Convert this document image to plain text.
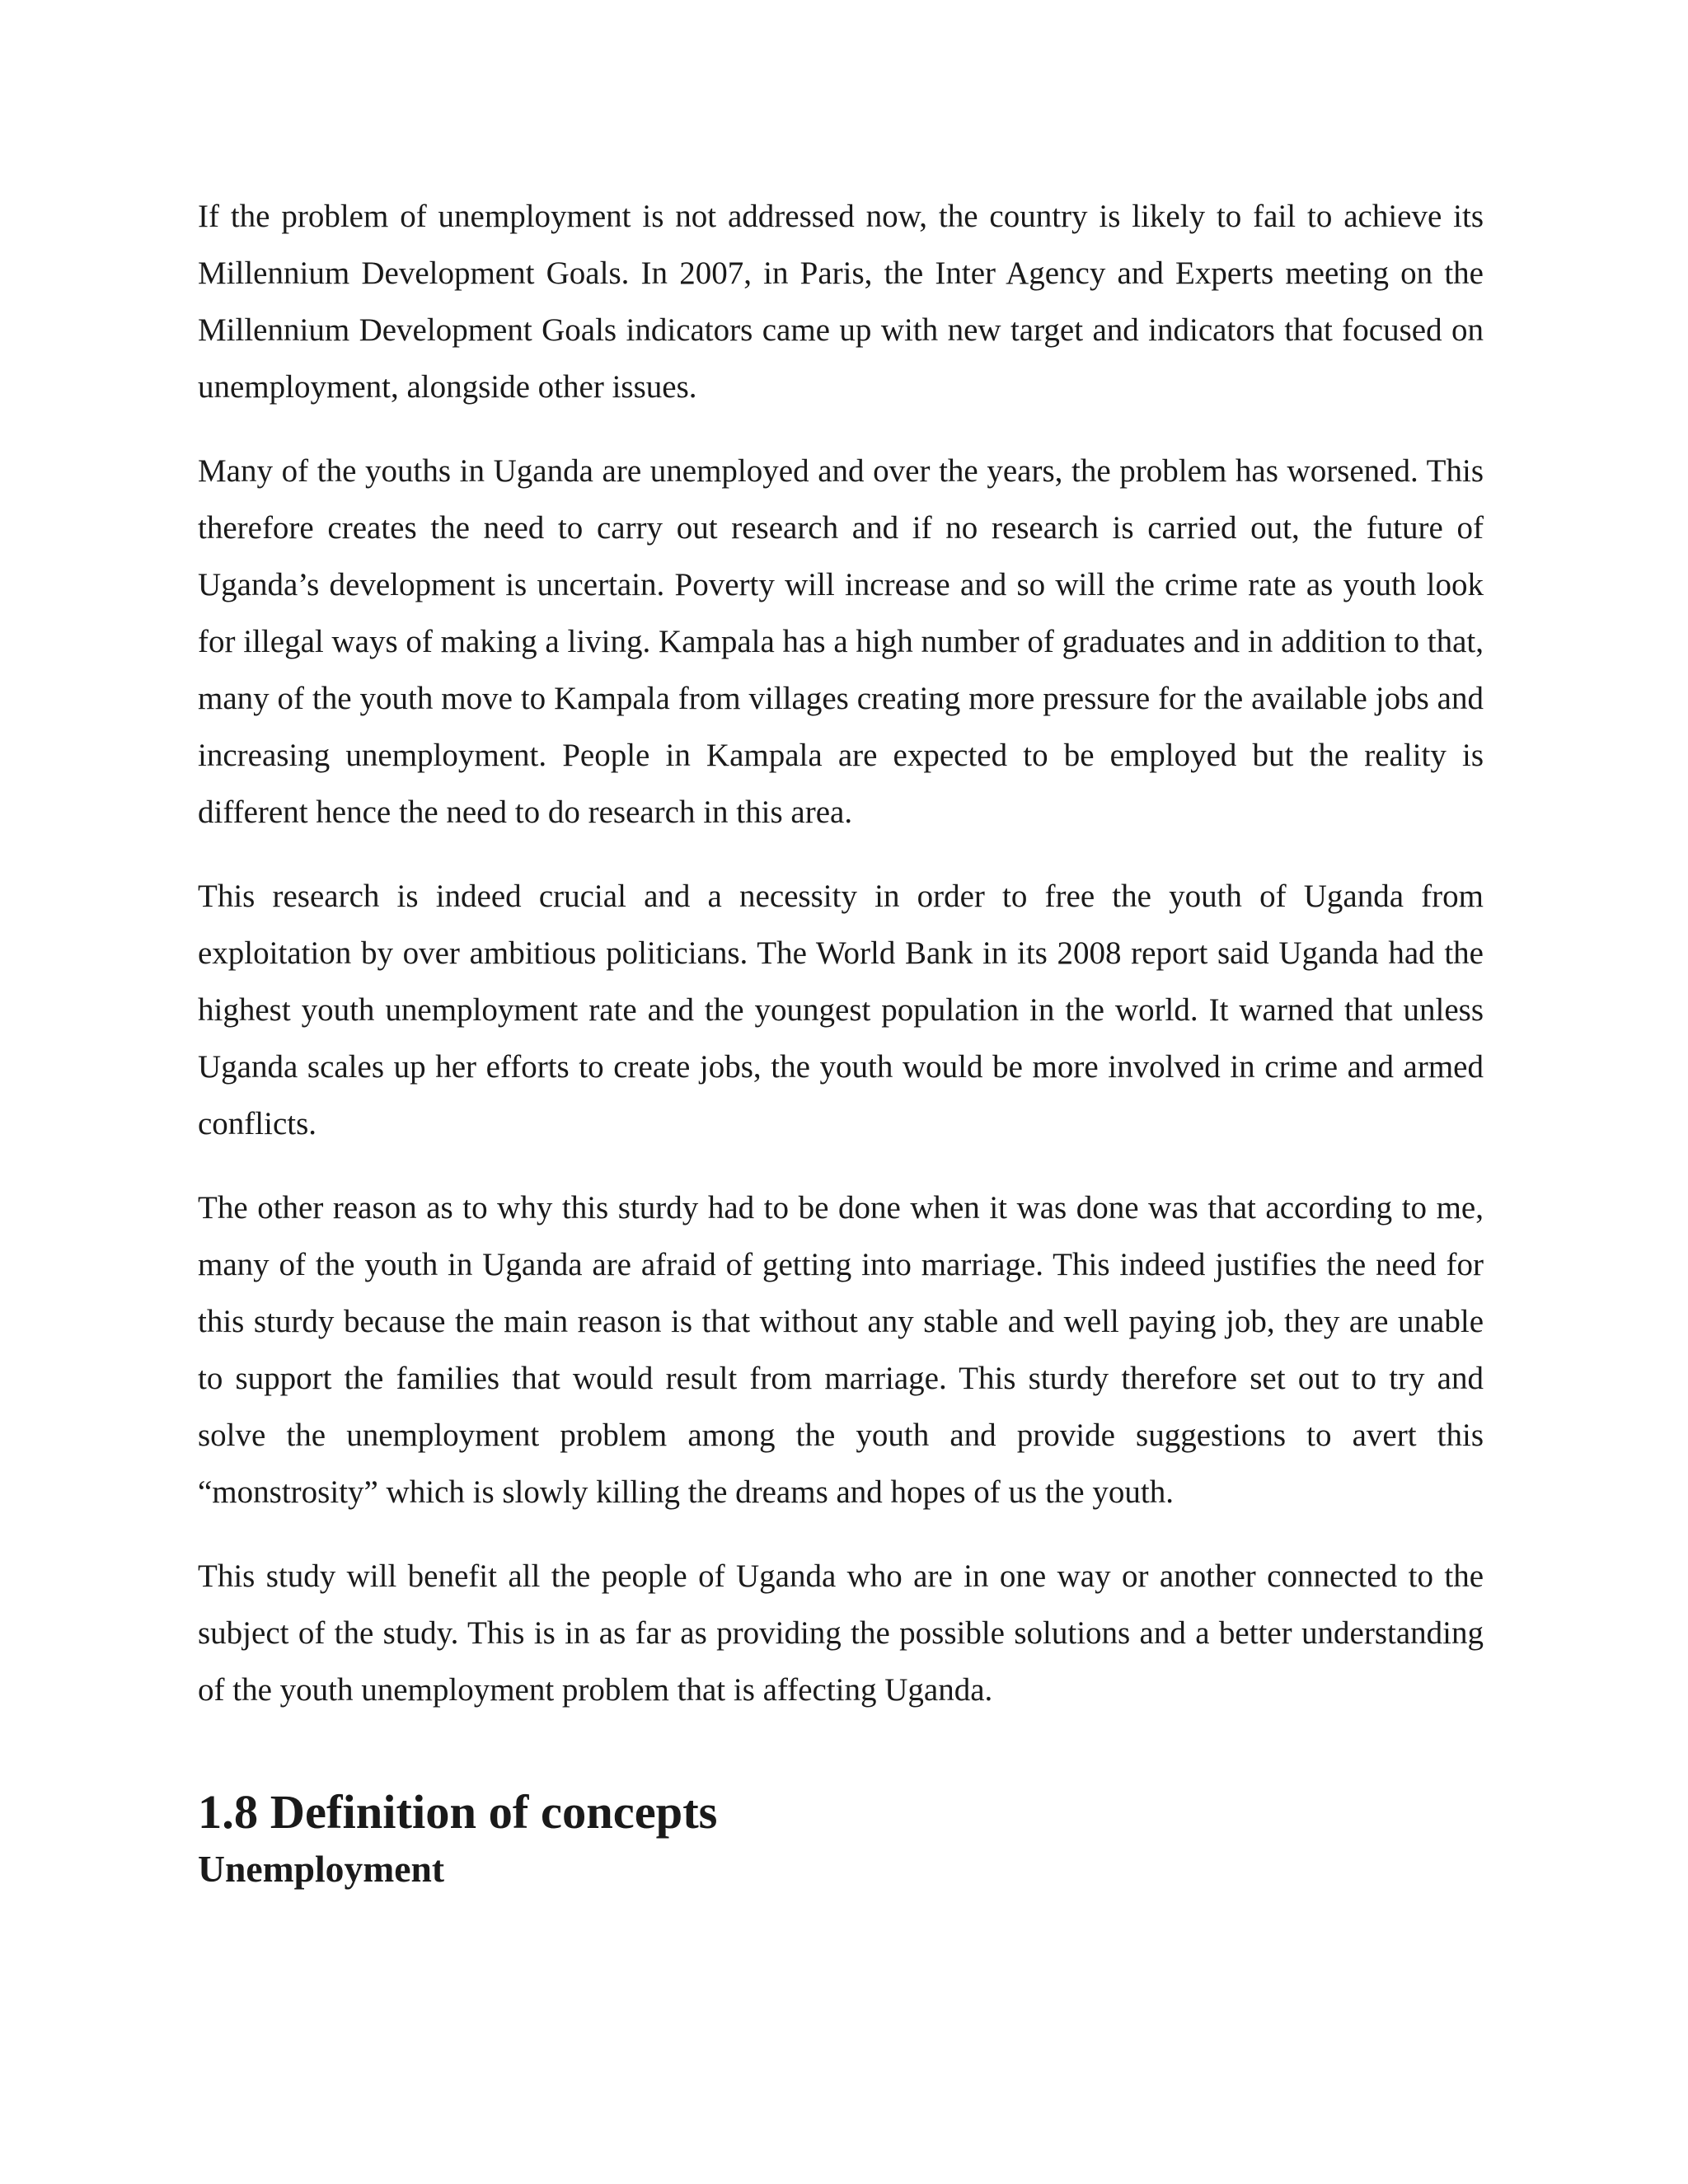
If the problem of unemployment is not addressed now, the country is likely to fail to achieve its Millennium Development Goals. In 2007, in Paris, the Inter Agency and Experts meeting on the Millennium Development Goals indicators came up with new target and indicators that focused on unemployment, alongside other issues.

Many of the youths in Uganda are unemployed and over the years, the problem has worsened. This therefore creates the need to carry out research and if no research is carried out, the future of Uganda’s development is uncertain. Poverty will increase and so will the crime rate as youth look for illegal ways of making a living. Kampala has a high number of graduates and in addition to that, many of the youth move to Kampala from villages creating more pressure for the available jobs and increasing unemployment. People in Kampala are expected to be employed but the reality is different hence the need to do research in this area.

This research is indeed crucial and a necessity in order to free the youth of Uganda from exploitation by over ambitious politicians. The World Bank in its 2008 report said Uganda had the highest youth unemployment rate and the youngest population in the world. It warned that unless Uganda scales up her efforts to create jobs, the youth would be more involved in crime and armed conflicts.

The other reason as to why this sturdy had to be done when it was done was that according to me, many of the youth in Uganda are afraid of getting into marriage. This indeed justifies the need for this sturdy because the main reason is that without any stable and well paying job, they are unable to support the families that would result from marriage. This sturdy therefore set out to try and solve the unemployment problem among the youth and provide suggestions to avert this “monstrosity” which is slowly killing the dreams and hopes of us the youth.

This study will benefit all the people of Uganda who are in one way or another connected to the subject of the study. This is in as far as providing the possible solutions and a better understanding of the youth unemployment problem that is affecting Uganda.

1.8 Definition of concepts
Unemployment
